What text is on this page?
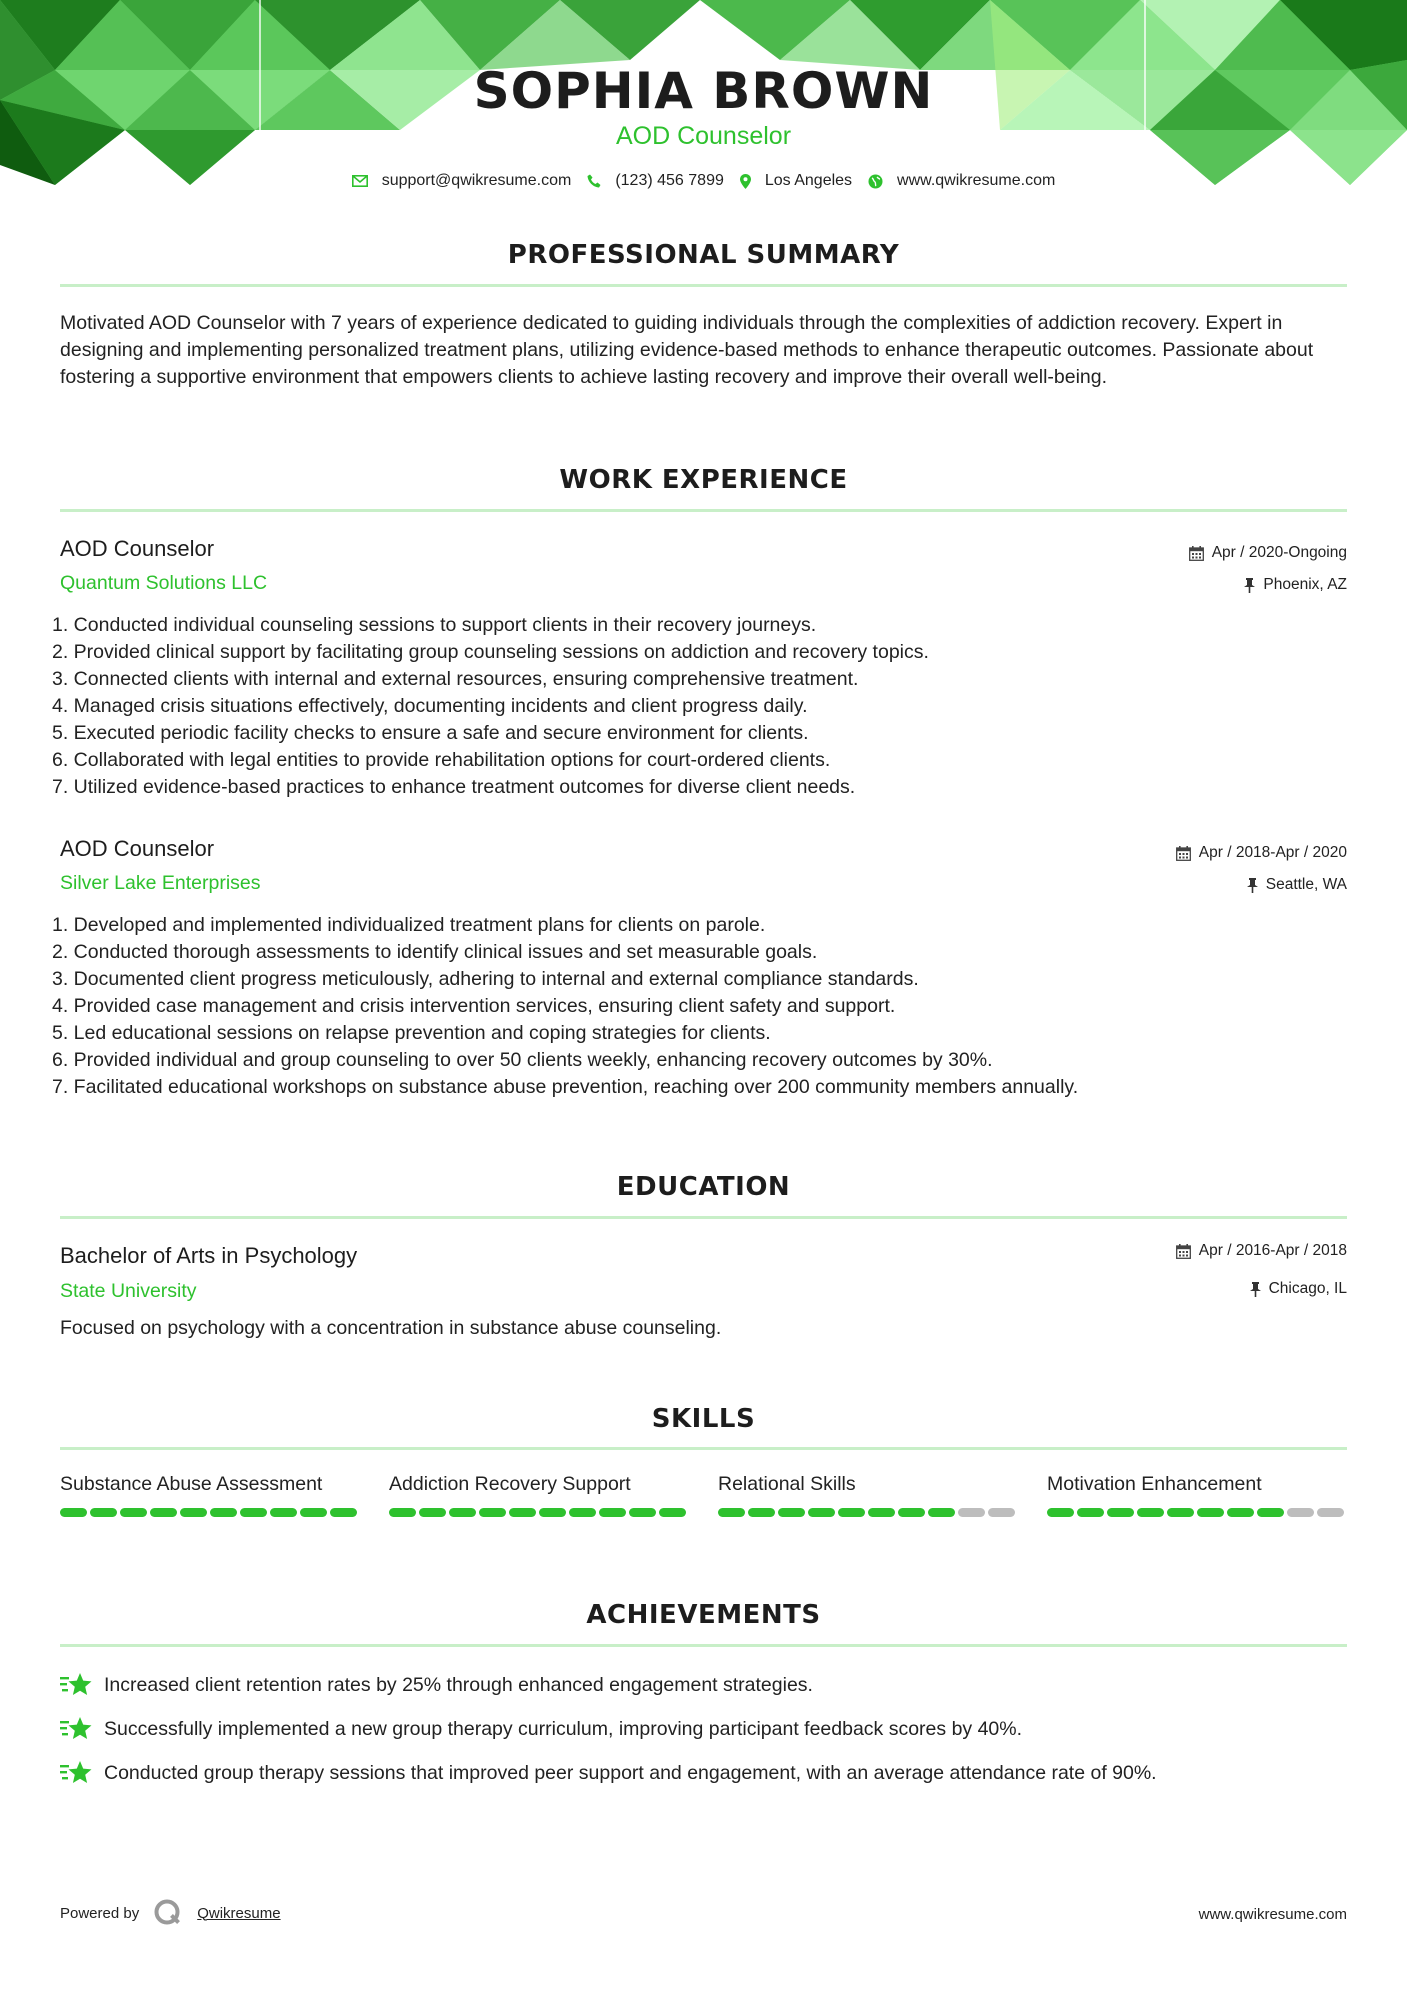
SOPHIA BROWN
AOD Counselor
support@qwikresume.com	(123) 456 7899	Los Angeles	www.qwikresume.com
PROFESSIONAL SUMMARY
Motivated AOD Counselor with 7 years of experience dedicated to guiding individuals through the complexities of addiction recovery. Expert in designing and implementing personalized treatment plans, utilizing evidence-based methods to enhance therapeutic outcomes. Passionate about fostering a supportive environment that empowers clients to achieve lasting recovery and improve their overall well-being.
WORK EXPERIENCE
AOD Counselor
Quantum Solutions LLC
Apr / 2020-Ongoing
Phoenix, AZ
1. Conducted individual counseling sessions to support clients in their recovery journeys.
2. Provided clinical support by facilitating group counseling sessions on addiction and recovery topics.
3. Connected clients with internal and external resources, ensuring comprehensive treatment.
4. Managed crisis situations effectively, documenting incidents and client progress daily.
5. Executed periodic facility checks to ensure a safe and secure environment for clients.
6. Collaborated with legal entities to provide rehabilitation options for court-ordered clients.
7. Utilized evidence-based practices to enhance treatment outcomes for diverse client needs.
AOD Counselor
Silver Lake Enterprises
Apr / 2018-Apr / 2020
Seattle, WA
1. Developed and implemented individualized treatment plans for clients on parole.
2. Conducted thorough assessments to identify clinical issues and set measurable goals.
3. Documented client progress meticulously, adhering to internal and external compliance standards.
4. Provided case management and crisis intervention services, ensuring client safety and support.
5. Led educational sessions on relapse prevention and coping strategies for clients.
6. Provided individual and group counseling to over 50 clients weekly, enhancing recovery outcomes by 30%.
7. Facilitated educational workshops on substance abuse prevention, reaching over 200 community members annually.
EDUCATION
Bachelor of Arts in Psychology
State University
Apr / 2016-Apr / 2018
Chicago, IL
Focused on psychology with a concentration in substance abuse counseling.
SKILLS
Substance Abuse Assessment	Addiction Recovery Support	Relational Skills	Motivation Enhancement
ACHIEVEMENTS
Increased client retention rates by 25% through enhanced engagement strategies.
Successfully implemented a new group therapy curriculum, improving participant feedback scores by 40%.
Conducted group therapy sessions that improved peer support and engagement, with an average attendance rate of 90%.
Powered by	Qwikresume	www.qwikresume.com
